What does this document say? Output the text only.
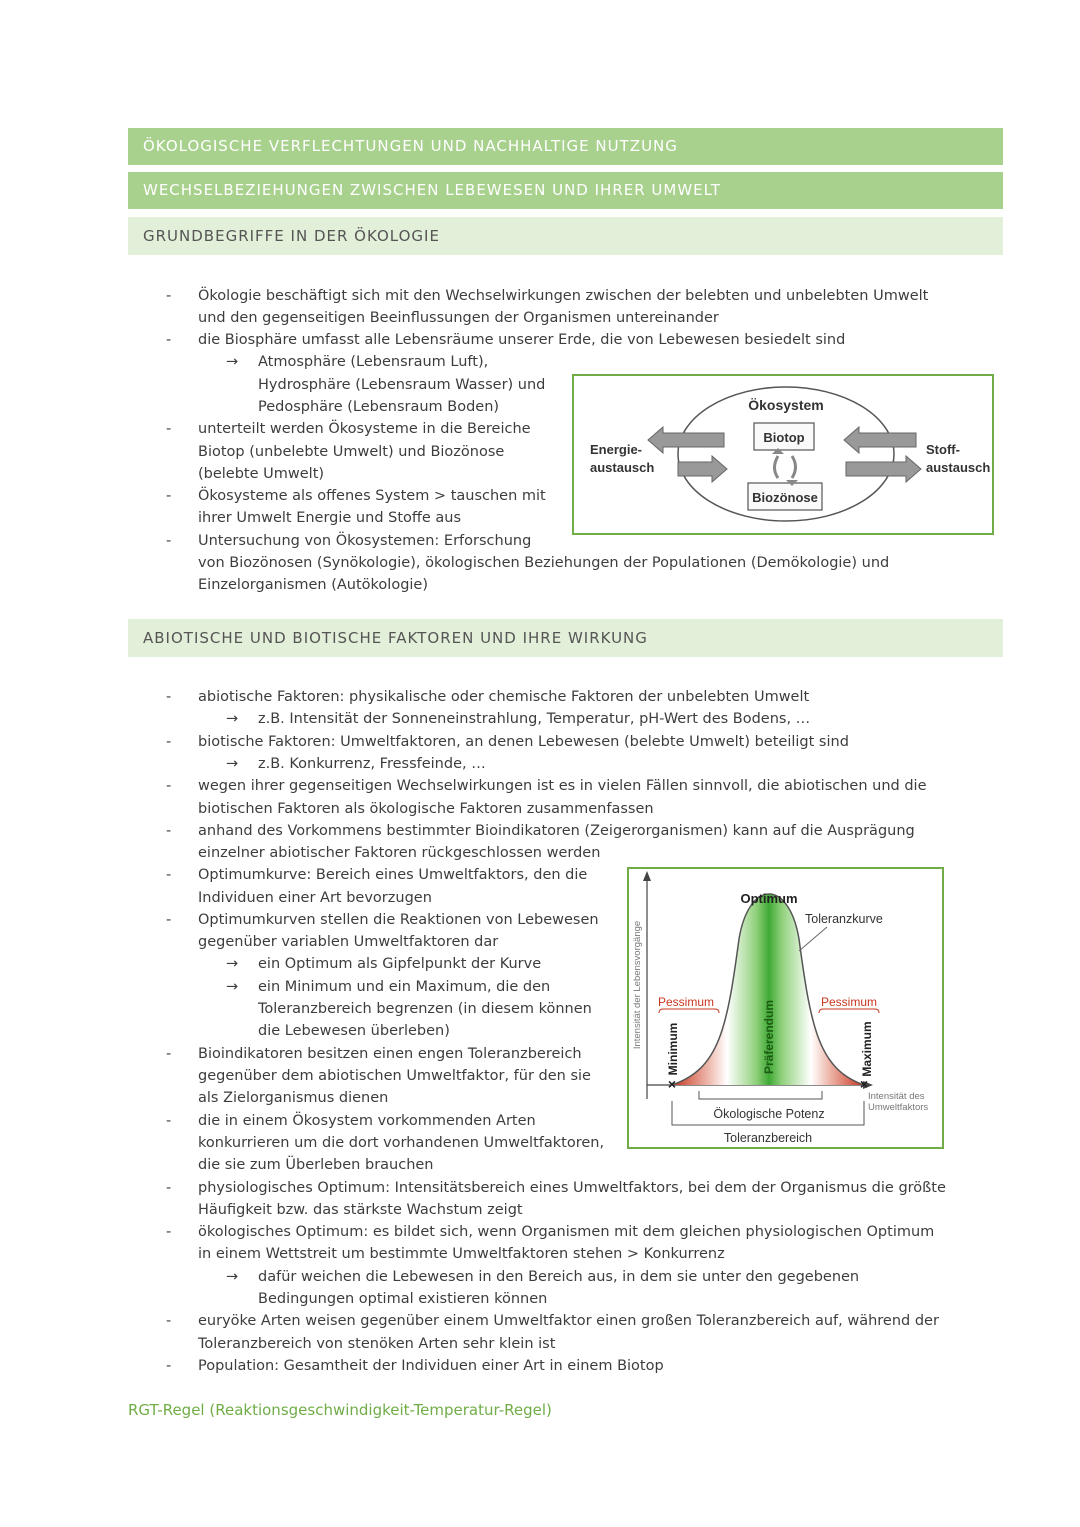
ÖKOLOGISCHE VERFLECHTUNGEN UND NACHHALTIGE NUTZUNG
WECHSELBEZIEHUNGEN ZWISCHEN LEBEWESEN UND IHRER UMWELT
GRUNDBEGRIFFE IN DER ÖKOLOGIE
- Ökologie beschäftigt sich mit den Wechselwirkungen zwischen der belebten und unbelebten Umwelt
und den gegenseitigen Beeinflussungen der Organismen untereinander
- die Biosphäre umfasst alle Lebensräume unserer Erde, die von Lebewesen besiedelt sind
→ Atmosphäre (Lebensraum Luft),
Hydrosphäre (Lebensraum Wasser) und
Pedosphäre (Lebensraum Boden)
- unterteilt werden Ökosysteme in die Bereiche
Biotop (unbelebte Umwelt) und Biozönose
(belebte Umwelt)
- Ökosysteme als offenes System > tauschen mit
ihrer Umwelt Energie und Stoffe aus
- Untersuchung von Ökosystemen: Erforschung
von Biozönosen (Synökologie), ökologischen Beziehungen der Populationen (Demökologie) und
Einzelorganismen (Autökologie)
Ökosystem
Biotop
Biozönose
Energie-
austausch
Stoff-
austausch
ABIOTISCHE UND BIOTISCHE FAKTOREN UND IHRE WIRKUNG
- abiotische Faktoren: physikalische oder chemische Faktoren der unbelebten Umwelt
→ z.B. Intensität der Sonneneinstrahlung, Temperatur, pH-Wert des Bodens, …
- biotische Faktoren: Umweltfaktoren, an denen Lebewesen (belebte Umwelt) beteiligt sind
→ z.B. Konkurrenz, Fressfeinde, …
- wegen ihrer gegenseitigen Wechselwirkungen ist es in vielen Fällen sinnvoll, die abiotischen und die
biotischen Faktoren als ökologische Faktoren zusammenfassen
- anhand des Vorkommens bestimmter Bioindikatoren (Zeigerorganismen) kann auf die Ausprägung
einzelner abiotischer Faktoren rückgeschlossen werden
- Optimumkurve: Bereich eines Umweltfaktors, den die
Individuen einer Art bevorzugen
- Optimumkurven stellen die Reaktionen von Lebewesen
gegenüber variablen Umweltfaktoren dar
→ ein Optimum als Gipfelpunkt der Kurve
→ ein Minimum und ein Maximum, die den
Toleranzbereich begrenzen (in diesem können
die Lebewesen überleben)
- Bioindikatoren besitzen einen engen Toleranzbereich
gegenüber dem abiotischen Umweltfaktor, für den sie
als Zielorganismus dienen
- die in einem Ökosystem vorkommenden Arten
konkurrieren um die dort vorhandenen Umweltfaktoren,
die sie zum Überleben brauchen
- physiologisches Optimum: Intensitätsbereich eines Umweltfaktors, bei dem der Organismus die größte
Häufigkeit bzw. das stärkste Wachstum zeigt
- ökologisches Optimum: es bildet sich, wenn Organismen mit dem gleichen physiologischen Optimum
in einem Wettstreit um bestimmte Umweltfaktoren stehen > Konkurrenz
→ dafür weichen die Lebewesen in den Bereich aus, in dem sie unter den gegebenen
Bedingungen optimal existieren können
- euryöke Arten weisen gegenüber einem Umweltfaktor einen großen Toleranzbereich auf, während der
Toleranzbereich von stenöken Arten sehr klein ist
- Population: Gesamtheit der Individuen einer Art in einem Biotop
×	×
Optimum
Toleranzkurve
Pessimum	Pessimum
Präferendum
Minimum	Maximum
Intensität der Lebensvorgänge
Intensität des
Umweltfaktors
Ökologische Potenz
Toleranzbereich
RGT-Regel (Reaktionsgeschwindigkeit-Temperatur-Regel)
